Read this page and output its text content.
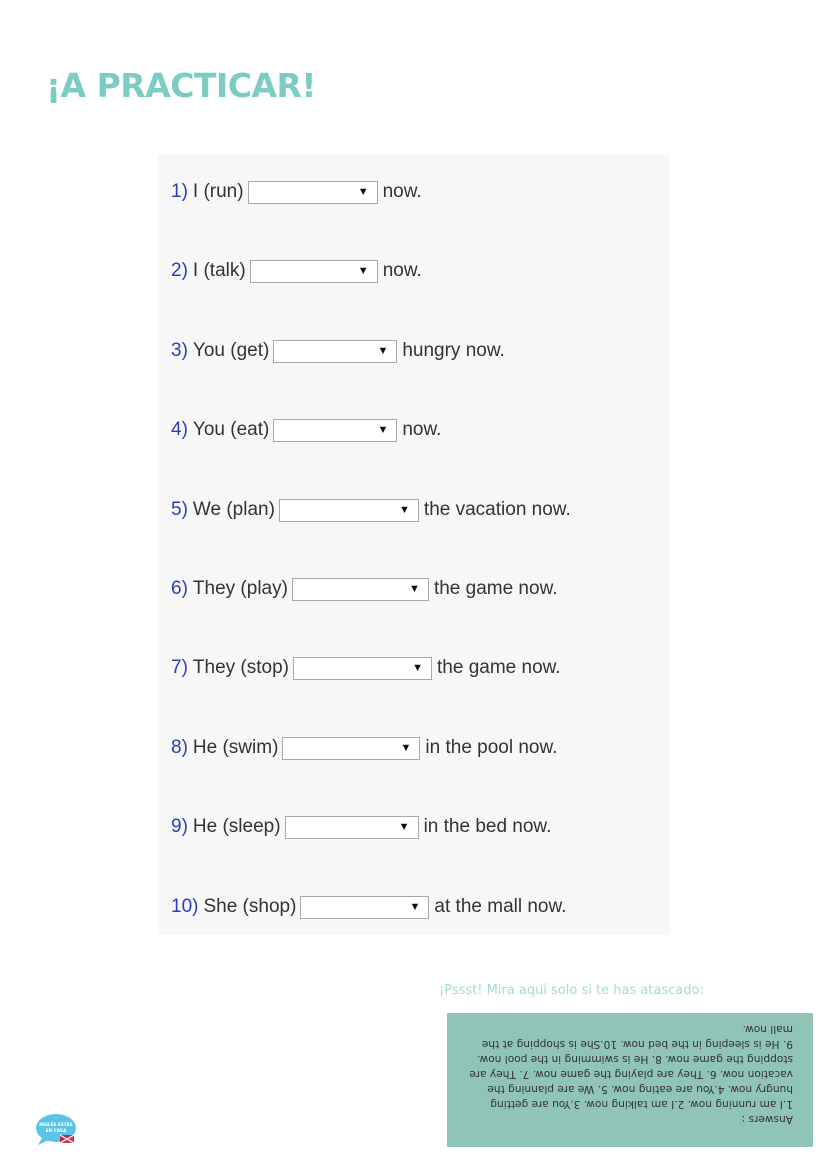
¡A PRACTICAR!
1) I (run)	▼ now.
2) I (talk)	▼ now.
3) You (get)	▼ hungry now.
4) You (eat)	▼ now.
5) We (plan)	▼ the vacation now.
6) They (play)	▼ the game now.
7) They (stop)	▼ the game now.
8) He (swim)	▼ in the pool now.
9) He (sleep)	▼ in the bed now.
10) She (shop)	▼ at the mall now.
¡Pssst! Mira aquí solo si te has atascado:
Answers :
1.I am running now. 2.I am talking now. 3.You are getting hungry now. 4.You are eating now. 5. We are planning the vacation now. 6. They are playing the game now. 7. They are stopping the game now. 8. He is swimming in the pool now. 9. He is sleeping in the bed now. 10.She is shopping at the mall now.
INGLÉS ESTÁS
EN CASA
